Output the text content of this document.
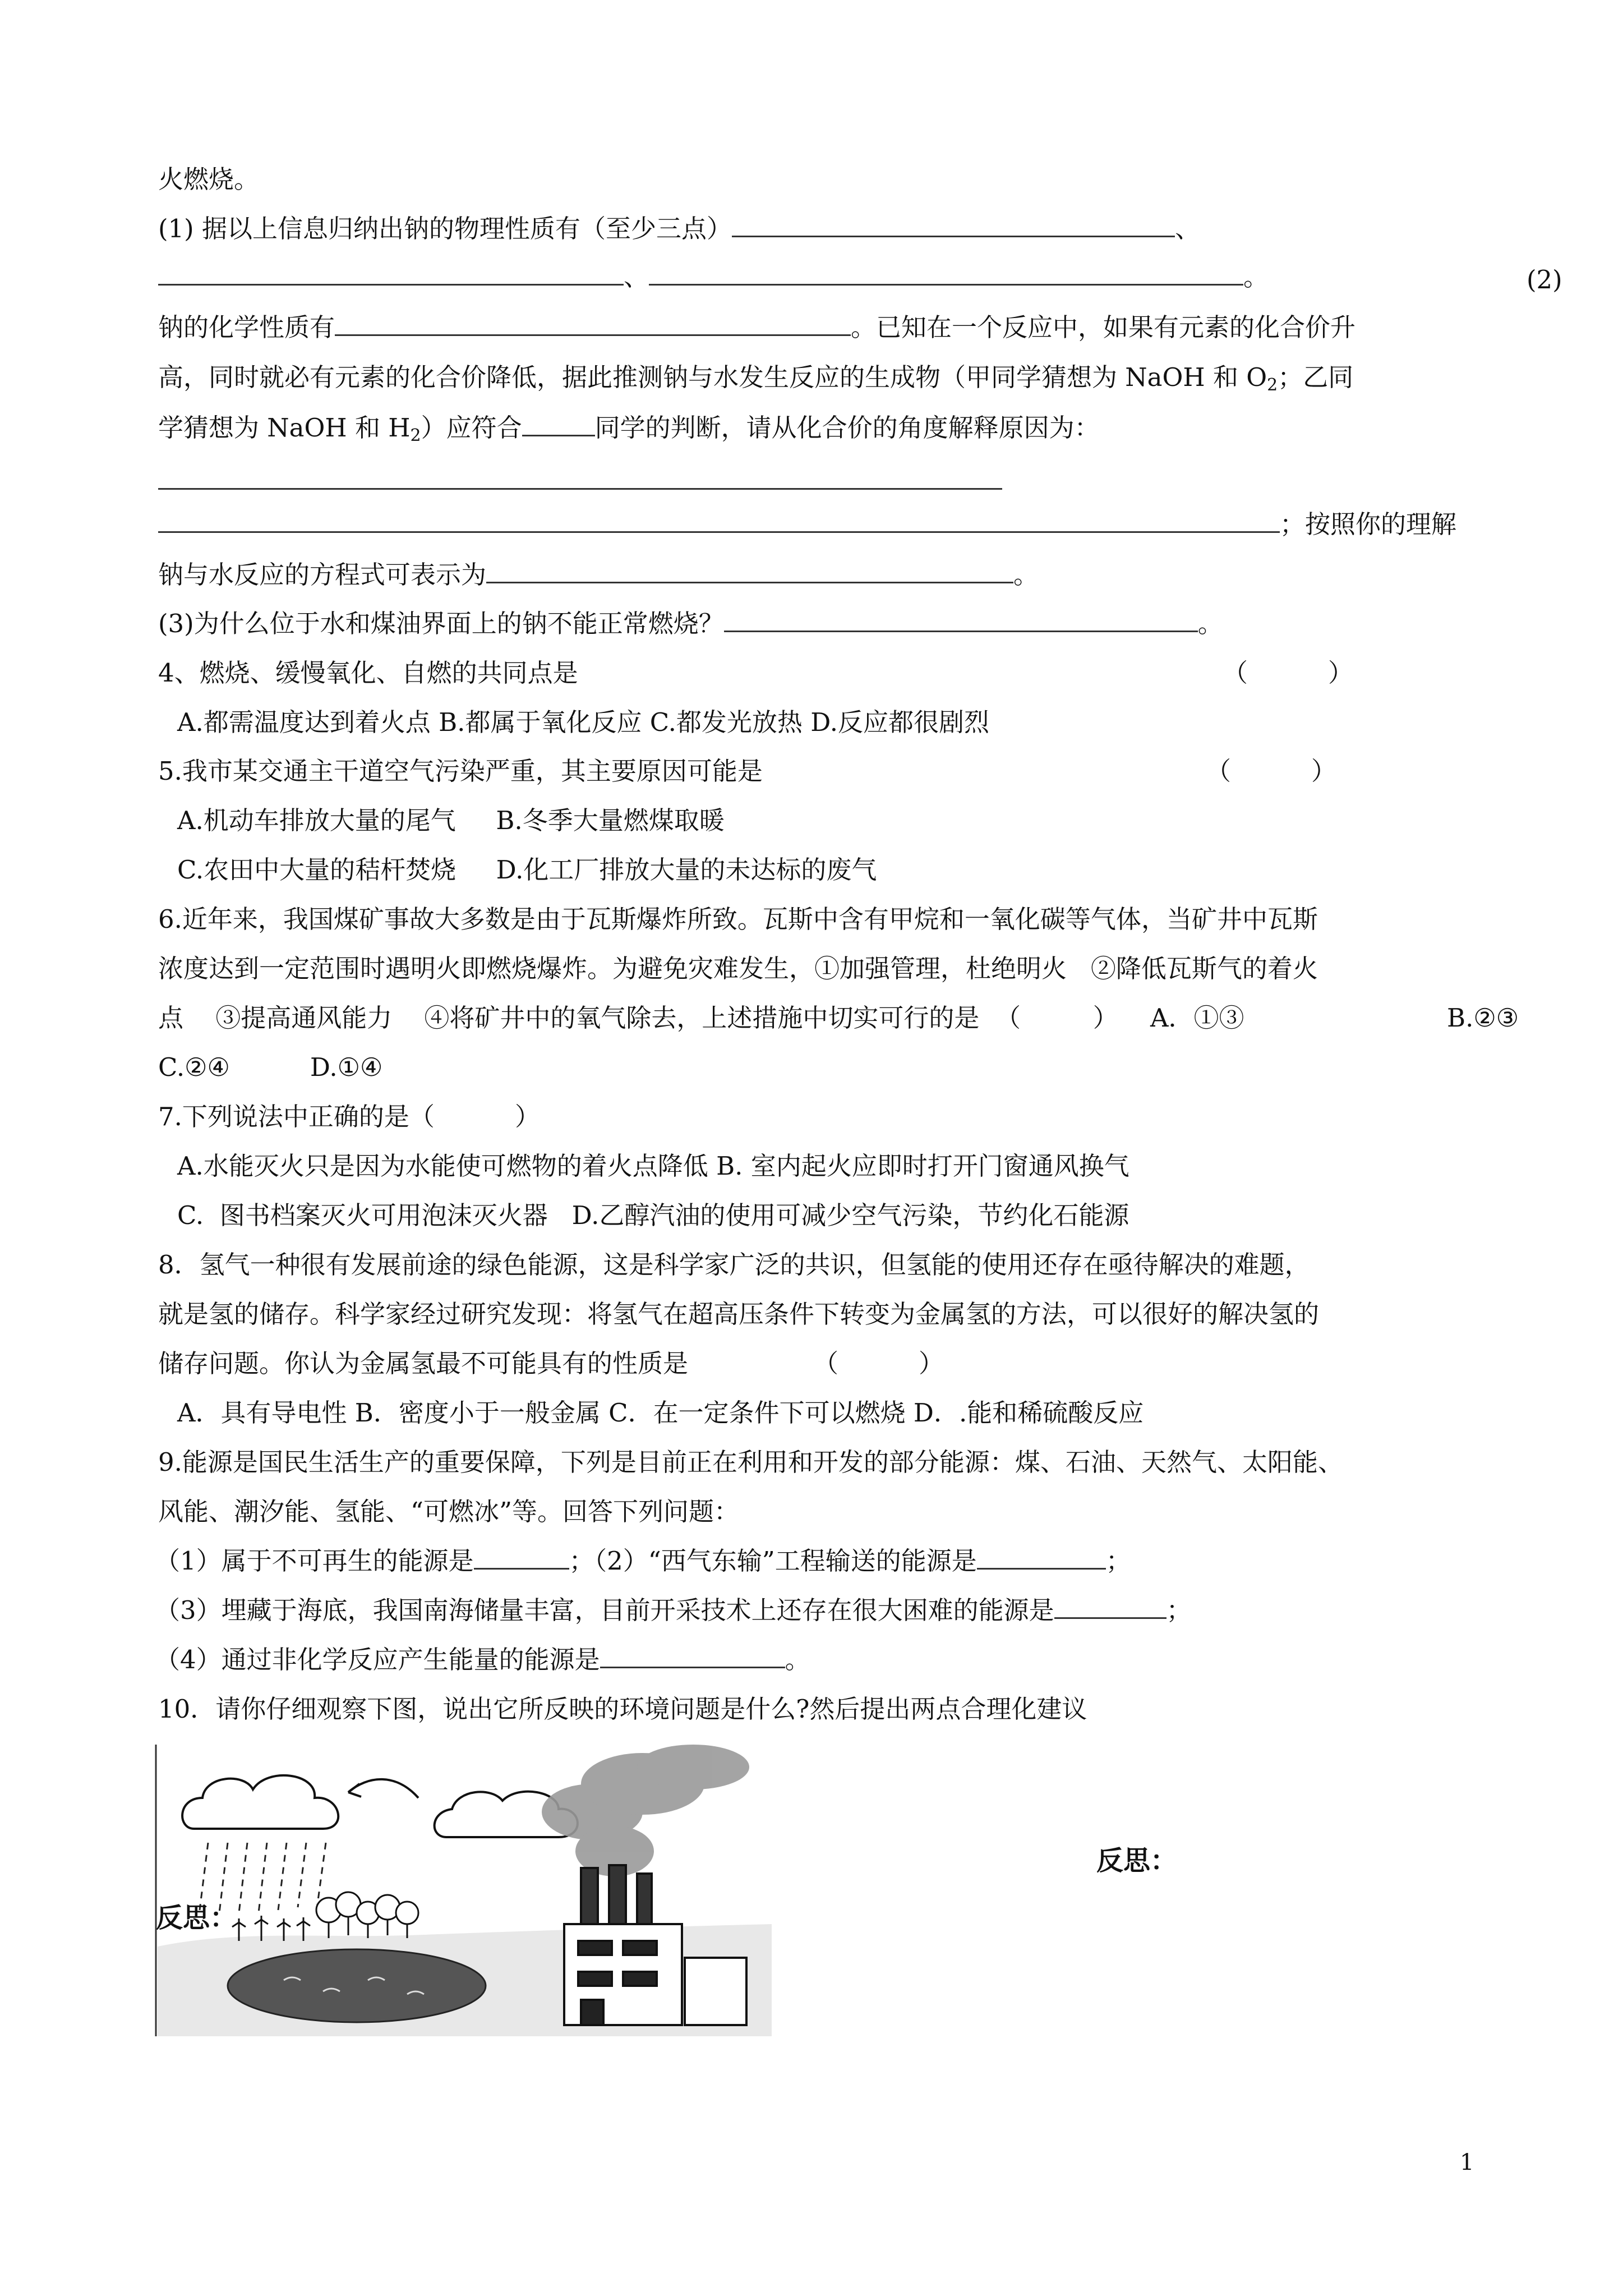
火燃烧。
(1) 据以上信息归纳出钠的物理性质有（至少三点）	、
、	。	(2)
钠的化学性质有	。已知在一个反应中，如果有元素的化合价升
高，同时就必有元素的化合价降低，据此推测钠与水发生反应的生成物（甲同学猜想为 NaOH 和 $O_2$；乙同
学猜想为 NaOH 和 $H_2$）应符合	同学的判断，请从化合价的角度解释原因为：
；按照你的理解
钠与水反应的方程式可表示为	。
(3)为什么位于水和煤油界面上的钠不能正常燃烧？	。
4、燃烧、缓慢氧化、自燃的共同点是	（          ）
A.都需温度达到着火点 B.都属于氧化反应 C.都发光放热 D.反应都很剧烈
5.我市某交通主干道空气污染严重，其主要原因可能是	（          ）
A.机动车排放大量的尾气     B.冬季大量燃煤取暖
C.农田中大量的秸杆焚烧     D.化工厂排放大量的未达标的废气
6.近年来，我国煤矿事故大多数是由于瓦斯爆炸所致。瓦斯中含有甲烷和一氧化碳等气体，当矿井中瓦斯
浓度达到一定范围时遇明火即燃烧爆炸。为避免灾难发生，①加强管理，杜绝明火   ②降低瓦斯气的着火
点    ③提高通风能力    ④将矿井中的氧气除去，上述措施中切实可行的是  （         ）    A．①③	B.②③
C.②④          D.①④
7.下列说法中正确的是（          ）
A.水能灭火只是因为水能使可燃物的着火点降低 B. 室内起火应即时打开门窗通风换气
C.  图书档案灭火可用泡沫灭火器   D.乙醇汽油的使用可减少空气污染，节约化石能源
8．氢气一种很有发展前途的绿色能源，这是科学家广泛的共识，但氢能的使用还存在亟待解决的难题，
就是氢的储存。科学家经过研究发现：将氢气在超高压条件下转变为金属氢的方法，可以很好的解决氢的
储存问题。你认为金属氢最不可能具有的性质是	（          ）
A．具有导电性 B．密度小于一般金属 C．在一定条件下可以燃烧 D．.能和稀硫酸反应
9.能源是国民生活生产的重要保障，下列是目前正在利用和开发的部分能源：煤、石油、天然气、太阳能、
风能、潮汐能、氢能、“可燃冰”等。回答下列问题：
（1）属于不可再生的能源是	；（2）“西气东输”工程输送的能源是	；
（3）埋藏于海底，我国南海储量丰富，目前开采技术上还存在很大困难的能源是	；
（4）通过非化学反应产生能量的能源是	。
10．请你仔细观察下图，说出它所反映的环境问题是什么?然后提出两点合理化建议
反思：
反思：
1
